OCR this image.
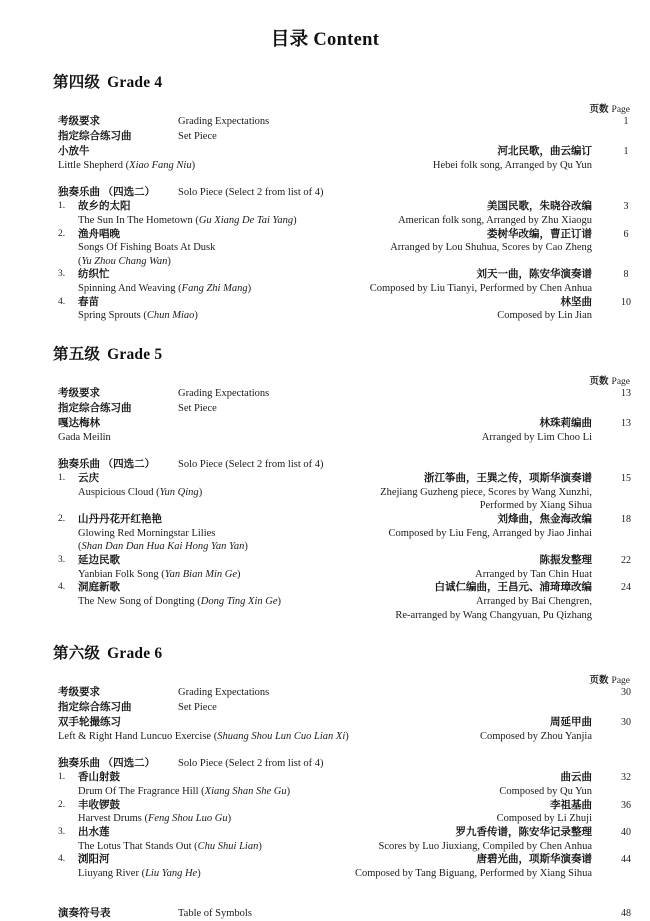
目录 Content
第四级 Grade 4
页数 Page
考级要求	Grading Expectations	1
指定综合练习曲	Set Piece
小放牛	河北民歌，曲云编订	1
Little Shepherd (Xiao Fang Niu)	Hebei folk song, Arranged by Qu Yun
独奏乐曲 （四选二）	Solo Piece (Select 2 from list of 4)
1.	故乡的太阳	美国民歌，朱晓谷改编
The Sun In The Hometown (Gu Xiang De Tai Yang)	American folk song, Arranged by Zhu Xiaogu
3
2.	渔舟唱晚	娄树华改编，曹正订谱
Songs Of Fishing Boats At Dusk	Arranged by Lou Shuhua, Scores by Cao Zheng
(Yu Zhou Chang Wan)
6
3.	纺织忙	刘天一曲，陈安华演奏谱
Spinning And Weaving (Fang Zhi Mang)	Composed by Liu Tianyi, Performed by Chen Anhua
8
4.	春苗	林坚曲
Spring Sprouts (Chun Miao)	Composed by Lin Jian
10
第五级 Grade 5
页数 Page
考级要求	Grading Expectations	13
指定综合练习曲	Set Piece
嘎达梅林	林珠莉编曲	13
Gada Meilin	Arranged by Lim Choo Li
独奏乐曲 （四选二）	Solo Piece (Select 2 from list of 4)
1.	云庆	浙江筝曲，王巽之传，项斯华演奏谱
Auspicious Cloud (Yun Qing)	Zhejiang Guzheng piece, Scores by Wang Xunzhi,
Performed by Xiang Sihua
15
2.	山丹丹花开红艳艳	刘烽曲，焦金海改编
Glowing Red Morningstar Lilies	Composed by Liu Feng, Arranged by Jiao Jinhai
(Shan Dan Dan Hua Kai Hong Yan Yan)
18
3.	延边民歌	陈振发整理
Yanbian Folk Song (Yan Bian Min Ge)	Arranged by Tan Chin Huat
22
4.	洞庭新歌	白诚仁编曲，王昌元、浦琦璋改编
The New Song of Dongting (Dong Ting Xin Ge)	Arranged by Bai Chengren,
Re-arranged by Wang Changyuan, Pu Qizhang
24
第六级 Grade 6
页数 Page
考级要求	Grading Expectations	30
指定综合练习曲	Set Piece
双手轮撮练习	周延甲曲	30
Left & Right Hand Luncuo Exercise (Shuang Shou Lun Cuo Lian Xi)	Composed by Zhou Yanjia
独奏乐曲 （四选二）	Solo Piece (Select 2 from list of 4)
1.	香山射鼓	曲云曲
Drum Of The Fragrance Hill (Xiang Shan She Gu)	Composed by Qu Yun
32
2.	丰收锣鼓	李祖基曲
Harvest Drums (Feng Shou Luo Gu)	Composed by Li Zhuji
36
3.	出水莲	罗九香传谱，陈安华记录整理
The Lotus That Stands Out (Chu Shui Lian)	Scores by Luo Jiuxiang, Compiled by Chen Anhua
40
4.	浏阳河	唐碧光曲，项斯华演奏谱
Liuyang River (Liu Yang He)	Composed by Tang Biguang, Performed by Xiang Sihua
44
演奏符号表	Table of Symbols	48
